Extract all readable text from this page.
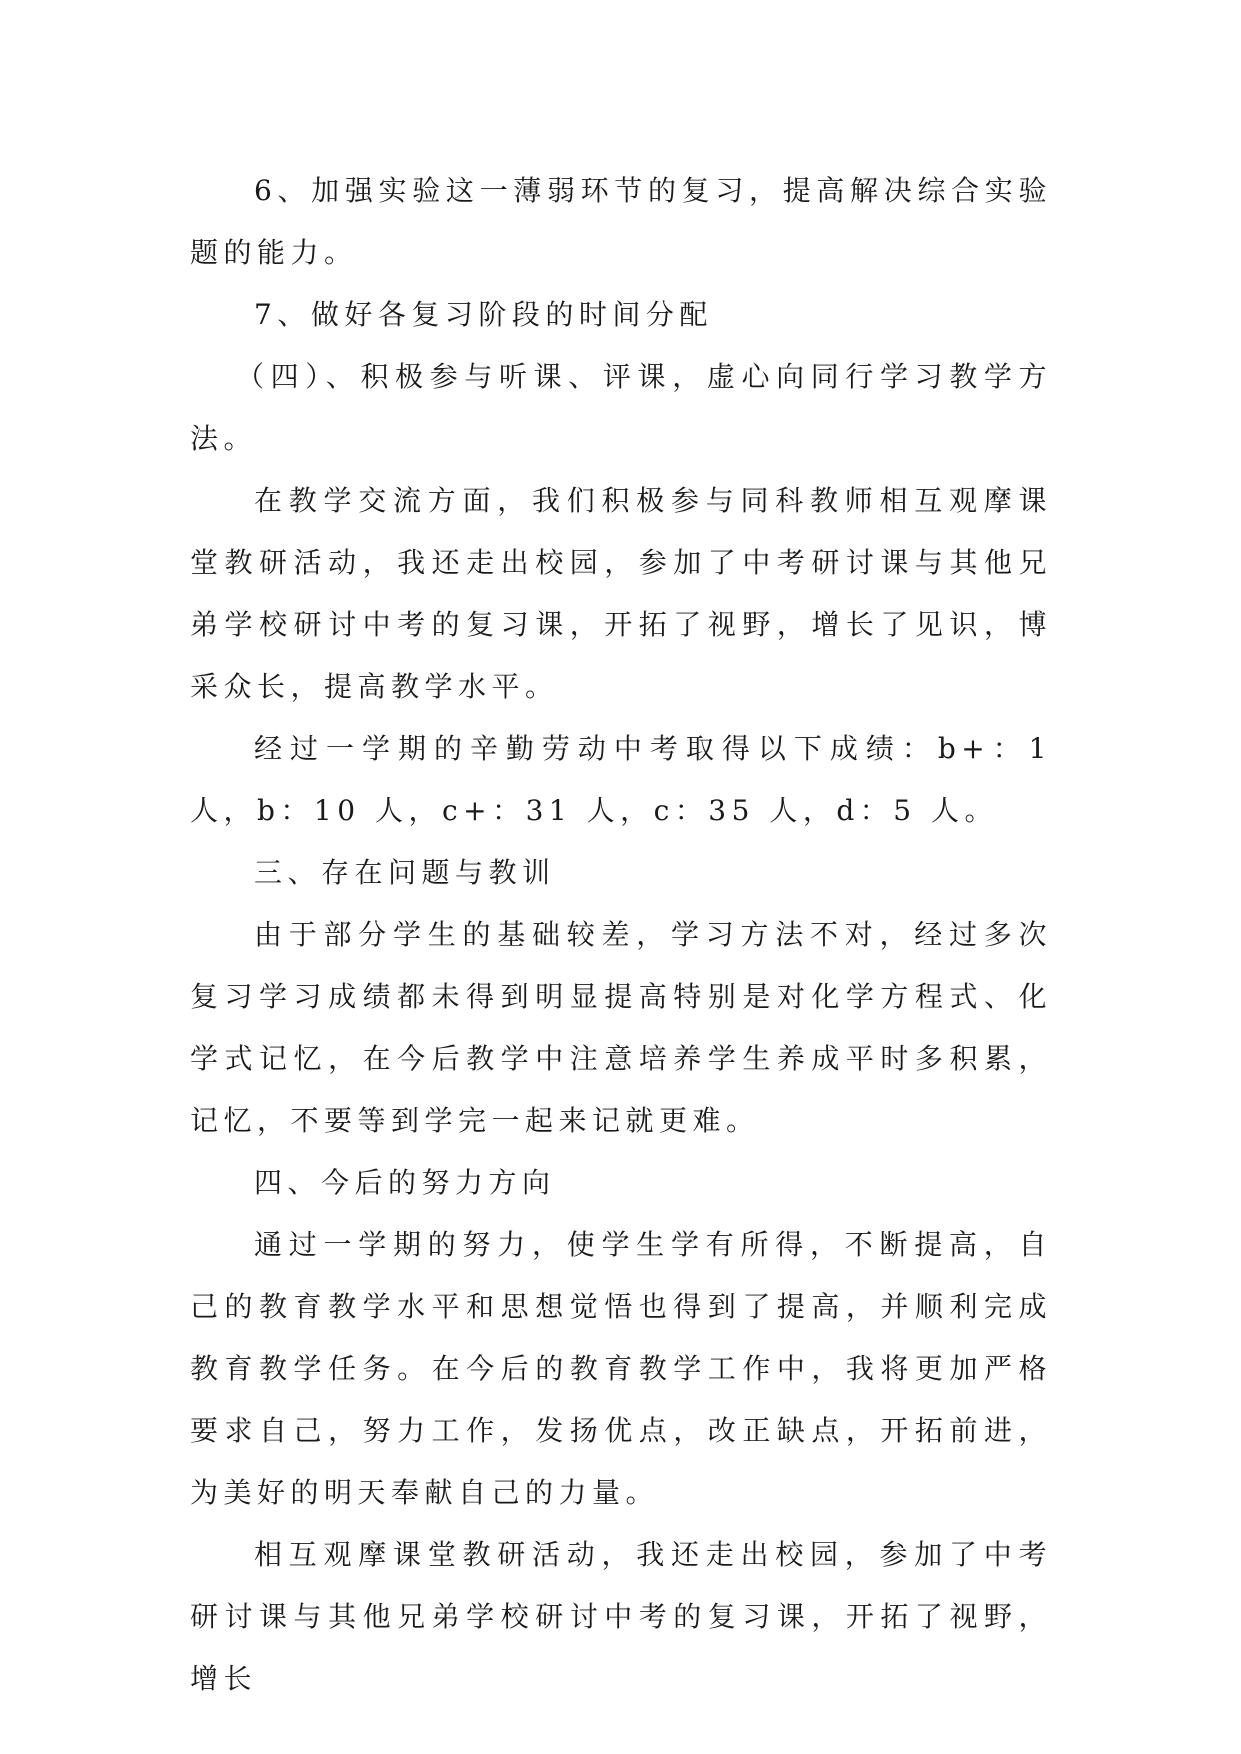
6、加强实验这一薄弱环节的复习，提高解决综合实验题的能力。

7、做好各复习阶段的时间分配

（四）、积极参与听课、评课，虚心向同行学习教学方法。

在教学交流方面，我们积极参与同科教师相互观摩课堂教研活动，我还走出校园，参加了中考研讨课与其他兄弟学校研讨中考的复习课，开拓了视野，增长了见识，博采众长，提高教学水平。

经过一学期的辛勤劳动中考取得以下成绩：b+：1 人，b：10 人，c+：31 人，c：35 人，d：5 人。

三、存在问题与教训

由于部分学生的基础较差，学习方法不对，经过多次复习学习成绩都未得到明显提高特别是对化学方程式、化学式记忆，在今后教学中注意培养学生养成平时多积累，记忆，不要等到学完一起来记就更难。

四、今后的努力方向

通过一学期的努力，使学生学有所得，不断提高，自己的教育教学水平和思想觉悟也得到了提高，并顺利完成教育教学任务。在今后的教育教学工作中，我将更加严格要求自己，努力工作，发扬优点，改正缺点，开拓前进，为美好的明天奉献自己的力量。

相互观摩课堂教研活动，我还走出校园，参加了中考研讨课与其他兄弟学校研讨中考的复习课，开拓了视野，增长
